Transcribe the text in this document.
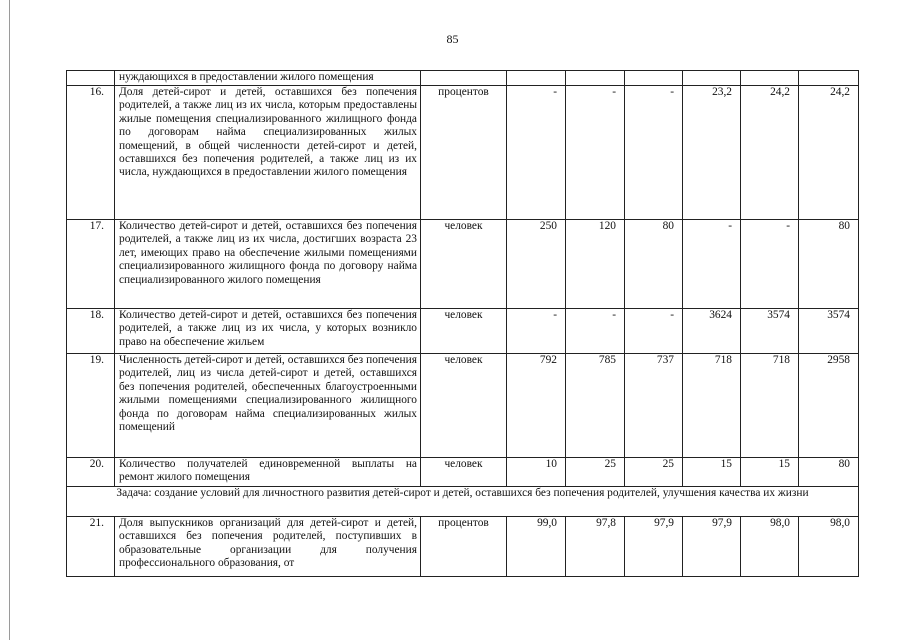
85
	нуждающихся в предоставлении жилого помещения							
16.	Доля детей-сирот и детей, оставшихся без попечения родителей, а также лиц из их числа, которым предоставлены жилые помещения специализированного жилищного фонда по договорам найма специализированных жилых помещений, в общей численности детей-сирот и детей, оставшихся без попечения родителей, а также лиц из их числа, нуждающихся в предоставлении жилого помещения	процентов	-	-	-	23,2	24,2	24,2
17.	Количество детей-сирот и детей, оставшихся без попечения родителей, а также лиц из их числа, достигших возраста 23 лет, имеющих право на обеспечение жилыми помещениями специализированного жилищного фонда по договору найма специализированного жилого помещения	человек	250	120	80	-	-	80
18.	Количество детей-сирот и детей, оставшихся без попечения родителей, а также лиц из их числа, у которых возникло право на обеспечение жильем	человек	-	-	-	3624	3574	3574
19.	Численность детей-сирот и детей, оставшихся без попечения родителей, лиц из числа детей-сирот и детей, оставшихся без попечения родителей, обеспеченных благоустроенными жилыми помещениями специализированного жилищного фонда по договорам найма специализированных жилых помещений	человек	792	785	737	718	718	2958
20.	Количество получателей единовременной выплаты на ремонт жилого помещения	человек	10	25	25	15	15	80
Задача: создание условий для личностного развития детей-сирот и детей, оставшихся без попечения родителей, улучшения качества их жизни								
21.	Доля выпускников организаций для детей-сирот и детей, оставшихся без попечения родителей, поступивших в образовательные организации для получения профессионального образования, от	процентов	99,0	97,8	97,9	97,9	98,0	98,0
